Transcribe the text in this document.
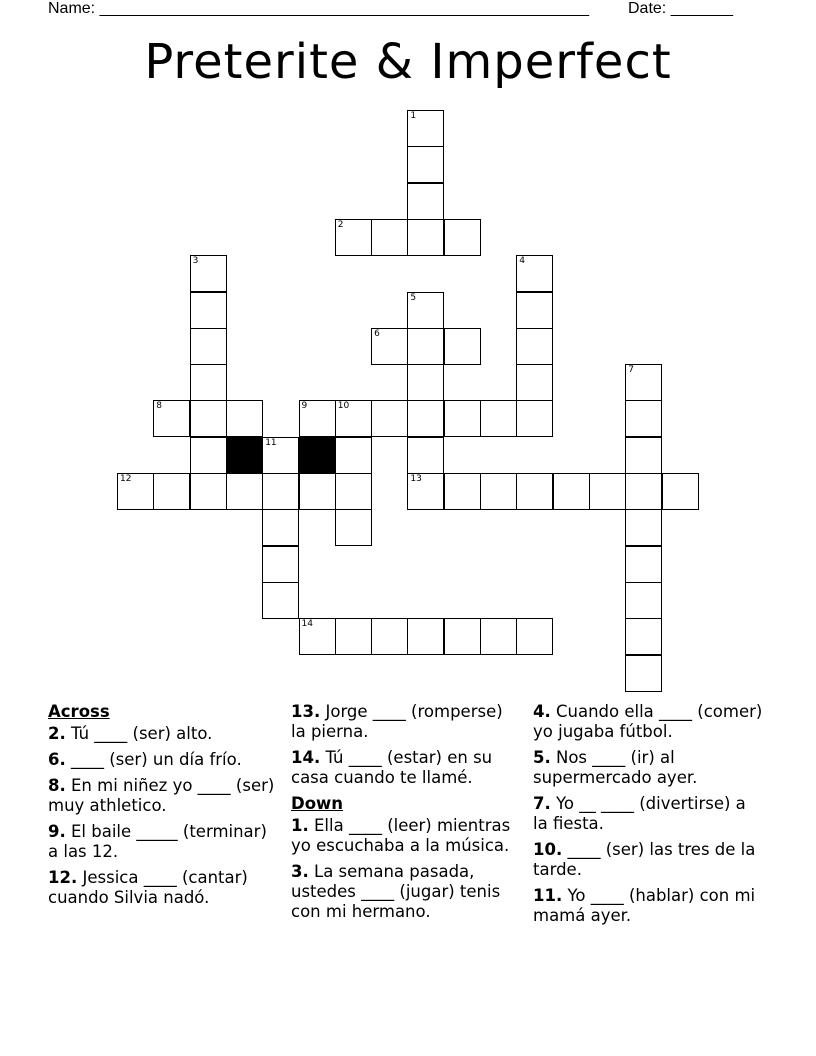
Name: _______________________________________________________ Date: _______
Preterite & Imperfect
1
2
3	4
5
6
7
8	9	10
11
12	13
14
Across
2. Tú ____ (ser) alto.
6. ____ (ser) un día frío.
8. En mi niñez yo ____ (ser) muy athletico.
9. El baile _____ (terminar) a las 12.
12. Jessica ____ (cantar) cuando Silvia nadó.
13. Jorge ____ (romperse) la pierna.
14. Tú ____ (estar) en su casa cuando te llamé.
Down
1. Ella ____ (leer) mientras yo escuchaba a la música.
3. La semana pasada, ustedes ____ (jugar) tenis con mi hermano.
4. Cuando ella ____ (comer) yo jugaba fútbol.
5. Nos ____ (ir) al supermercado ayer.
7. Yo __ ____ (divertirse) a la fiesta.
10. ____ (ser) las tres de la tarde.
11. Yo ____ (hablar) con mi mamá ayer.
